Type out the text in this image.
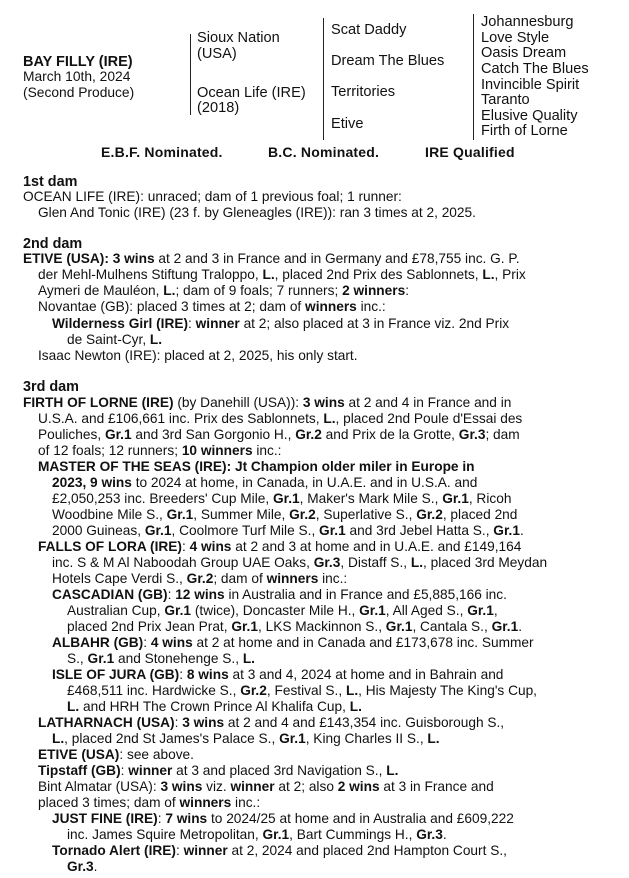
BAY FILLY (IRE)
March 10th, 2024
(Second Produce)
Sioux Nation
(USA)
Ocean Life (IRE)
(2018)
Scat Daddy
Dream The Blues
Territories
Etive
Johannesburg
Love Style
Oasis Dream
Catch The Blues
Invincible Spirit
Taranto
Elusive Quality
Firth of Lorne
E.B.F. Nominated.	B.C. Nominated.	IRE Qualified
1st dam
OCEAN LIFE (IRE): unraced; dam of 1 previous foal; 1 runner:
Glen And Tonic (IRE) (23 f. by Gleneagles (IRE)): ran 3 times at 2, 2025.
2nd dam
ETIVE (USA): 3 wins at 2 and 3 in France and in Germany and £78,755 inc. G. P.
der Mehl-Mulhens Stiftung Traloppo, L., placed 2nd Prix des Sablonnets, L., Prix
Aymeri de Mauléon, L.; dam of 9 foals; 7 runners; 2 winners:
Novantae (GB): placed 3 times at 2; dam of winners inc.:
Wilderness Girl (IRE): winner at 2; also placed at 3 in France viz. 2nd Prix
de Saint-Cyr, L.
Isaac Newton (IRE): placed at 2, 2025, his only start.
3rd dam
FIRTH OF LORNE (IRE) (by Danehill (USA)): 3 wins at 2 and 4 in France and in
U.S.A. and £106,661 inc. Prix des Sablonnets, L., placed 2nd Poule d'Essai des
Pouliches, Gr.1 and 3rd San Gorgonio H., Gr.2 and Prix de la Grotte, Gr.3; dam
of 12 foals; 12 runners; 10 winners inc.:
MASTER OF THE SEAS (IRE): Jt Champion older miler in Europe in
2023, 9 wins to 2024 at home, in Canada, in U.A.E. and in U.S.A. and
£2,050,253 inc. Breeders' Cup Mile, Gr.1, Maker's Mark Mile S., Gr.1, Ricoh
Woodbine Mile S., Gr.1, Summer Mile, Gr.2, Superlative S., Gr.2, placed 2nd
2000 Guineas, Gr.1, Coolmore Turf Mile S., Gr.1 and 3rd Jebel Hatta S., Gr.1.
FALLS OF LORA (IRE): 4 wins at 2 and 3 at home and in U.A.E. and £149,164
inc. S & M Al Naboodah Group UAE Oaks, Gr.3, Distaff S., L., placed 3rd Meydan
Hotels Cape Verdi S., Gr.2; dam of winners inc.:
CASCADIAN (GB): 12 wins in Australia and in France and £5,885,166 inc.
Australian Cup, Gr.1 (twice), Doncaster Mile H., Gr.1, All Aged S., Gr.1,
placed 2nd Prix Jean Prat, Gr.1, LKS Mackinnon S., Gr.1, Cantala S., Gr.1.
ALBAHR (GB): 4 wins at 2 at home and in Canada and £173,678 inc. Summer
S., Gr.1 and Stonehenge S., L.
ISLE OF JURA (GB): 8 wins at 3 and 4, 2024 at home and in Bahrain and
£468,511 inc. Hardwicke S., Gr.2, Festival S., L., His Majesty The King's Cup,
L. and HRH The Crown Prince Al Khalifa Cup, L.
LATHARNACH (USA): 3 wins at 2 and 4 and £143,354 inc. Guisborough S.,
L., placed 2nd St James's Palace S., Gr.1, King Charles II S., L.
ETIVE (USA): see above.
Tipstaff (GB): winner at 3 and placed 3rd Navigation S., L.
Bint Almatar (USA): 3 wins viz. winner at 2; also 2 wins at 3 in France and
placed 3 times; dam of winners inc.:
JUST FINE (IRE): 7 wins to 2024/25 at home and in Australia and £609,222
inc. James Squire Metropolitan, Gr.1, Bart Cummings H., Gr.3.
Tornado Alert (IRE): winner at 2, 2024 and placed 2nd Hampton Court S.,
Gr.3.
